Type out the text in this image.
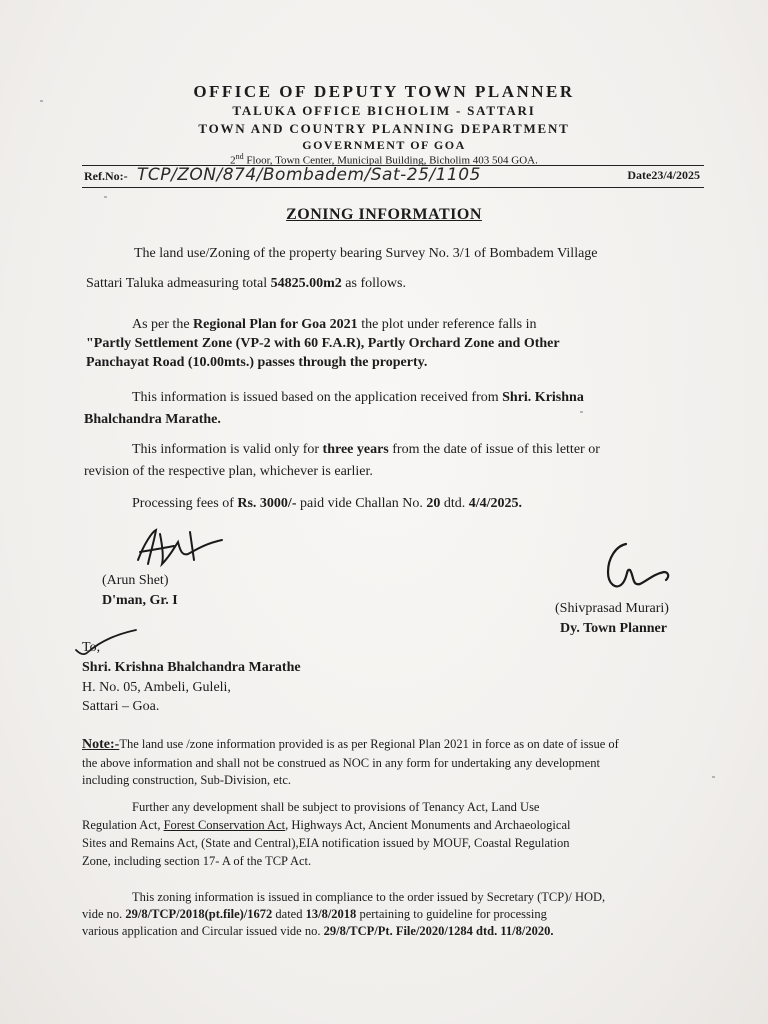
OFFICE OF DEPUTY TOWN PLANNER
TALUKA OFFICE BICHOLIM - SATTARI
TOWN AND COUNTRY PLANNING DEPARTMENT
GOVERNMENT OF GOA
2nd Floor, Town Center, Municipal Building, Bicholim 403 504 GOA.
Ref.No:- TCP/ZON/874/Bombadem/Sat-25/1105	Date23/4/2025
ZONING INFORMATION
The land use/Zoning of the property bearing Survey No. 3/1 of Bombadem Village
Sattari Taluka admeasuring total 54825.00m2 as follows.
As per the Regional Plan for Goa 2021 the plot under reference falls in
"Partly Settlement Zone (VP-2 with 60 F.A.R), Partly Orchard Zone and Other
Panchayat Road (10.00mts.) passes through the property.
This information is issued based on the application received from Shri. Krishna
Bhalchandra Marathe.
This information is valid only for three years from the date of issue of this letter or
revision of the respective plan, whichever is earlier.
Processing fees of Rs. 3000/- paid vide Challan No. 20 dtd. 4/4/2025.
(Arun Shet)
D'man, Gr. I
(Shivprasad Murari)
Dy. Town Planner
To,
Shri. Krishna Bhalchandra Marathe
H. No. 05, Ambeli, Guleli,
Sattari – Goa.
Note:-The land use /zone information provided is as per Regional Plan 2021 in force as on date of issue of
the above information and shall not be construed as NOC in any form for undertaking any development
including construction, Sub-Division, etc.
Further any development shall be subject to provisions of Tenancy Act, Land Use
Regulation Act, Forest Conservation Act, Highways Act, Ancient Monuments and Archaeological
Sites and Remains Act, (State and Central),EIA notification issued by MOUF, Coastal Regulation
Zone, including section 17- A of the TCP Act.
This zoning information is issued in compliance to the order issued by Secretary (TCP)/ HOD,
vide no. 29/8/TCP/2018(pt.file)/1672 dated 13/8/2018 pertaining to guideline for processing
various application and Circular issued vide no. 29/8/TCP/Pt. File/2020/1284 dtd. 11/8/2020.
